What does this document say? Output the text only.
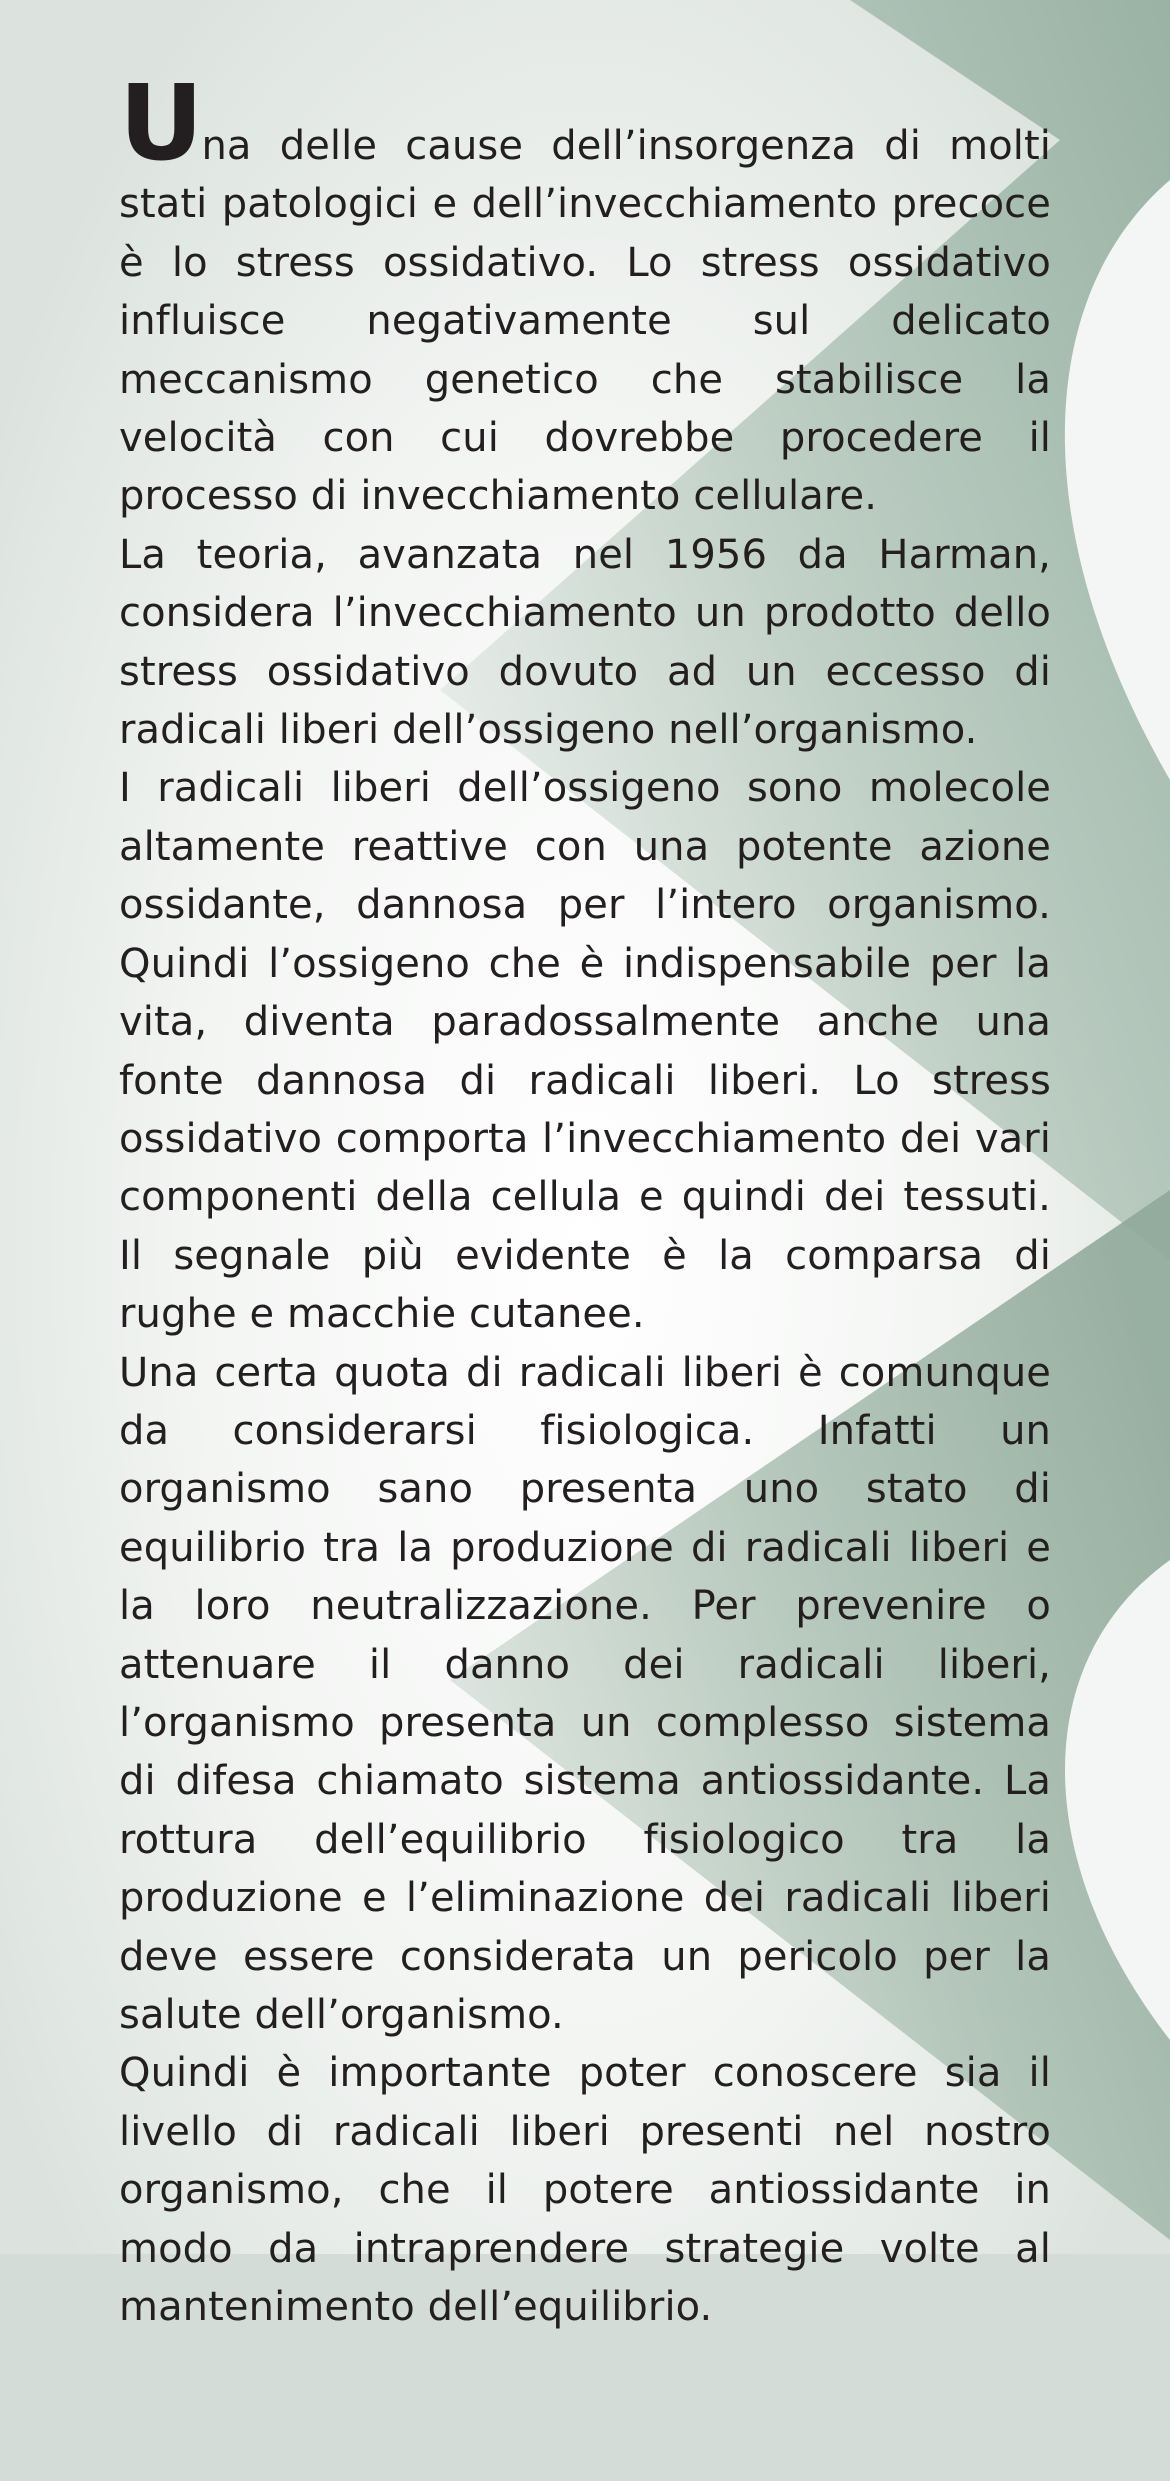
Una delle cause dell’insorgenza di molti stati patologici e dell’invecchiamento precoce è lo stress ossidativo. Lo stress ossidativo influisce negativamente sul delicato meccanismo genetico che stabilisce la velocità con cui dovrebbe procedere il processo di invecchiamento cellulare.

La teoria, avanzata nel 1956 da Harman, considera l’invecchiamento un prodotto dello stress ossidativo dovuto ad un eccesso di radicali liberi dell’ossigeno nell’organismo.

I radicali liberi dell’ossigeno sono molecole altamente reattive con una potente azione ossidante, dannosa per l’intero organismo. Quindi l’ossigeno che è indispensabile per la vita, diventa paradossalmente anche una fonte dannosa di radicali liberi. Lo stress ossidativo comporta l’invecchiamento dei vari componenti della cellula e quindi dei tessuti. Il segnale più evidente è la comparsa di rughe e macchie cutanee.

Una certa quota di radicali liberi è comunque da considerarsi fisiologica. Infatti un organismo sano presenta uno stato di equilibrio tra la produzione di radicali liberi e la loro neutralizzazione. Per prevenire o attenuare il danno dei radicali liberi, l’organismo presenta un complesso sistema di difesa chiamato sistema antiossidante. La rottura dell’equilibrio fisiologico tra la produzione e l’eliminazione dei radicali liberi deve essere considerata un pericolo per la salute dell’organismo.

Quindi è importante poter conoscere sia il livello di radicali liberi presenti nel nostro organismo, che il potere antiossidante in modo da intraprendere strategie volte al mantenimento dell’equilibrio.
